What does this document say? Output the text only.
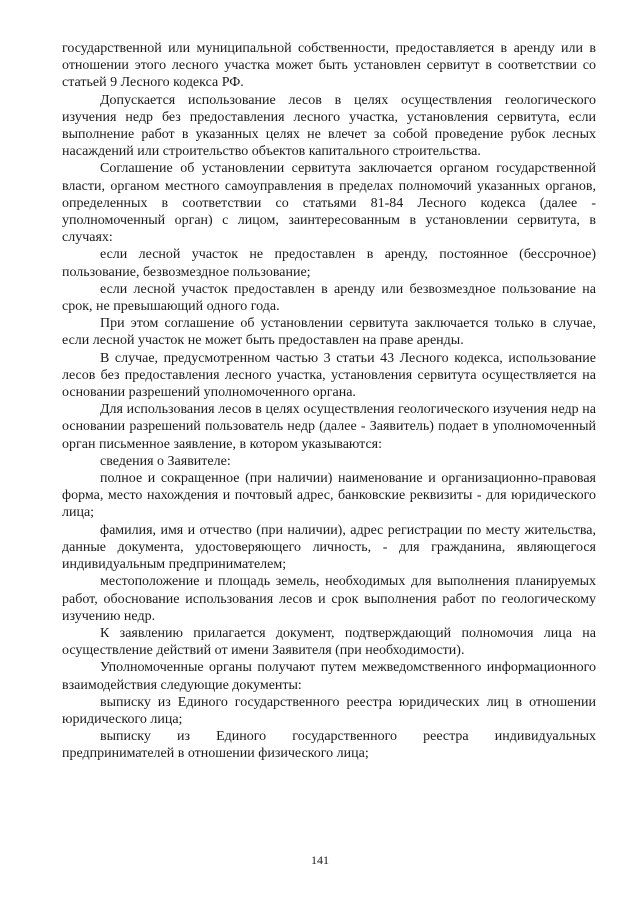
государственной или муниципальной собственности, предоставляется в аренду или в отношении этого лесного участка может быть установлен сервитут в соответствии со статьей 9 Лесного кодекса РФ.

Допускается использование лесов в целях осуществления геологического изучения недр без предоставления лесного участка, установления сервитута, если выполнение работ в указанных целях не влечет за собой проведение рубок лесных насаждений или строительство объектов капитального строительства.

Соглашение об установлении сервитута заключается органом государственной власти, органом местного самоуправления в пределах полномочий указанных органов, определенных в соответствии со статьями 81-84 Лесного кодекса (далее - уполномоченный орган) с лицом, заинтересованным в установлении сервитута, в случаях:

если лесной участок не предоставлен в аренду, постоянное (бессрочное) пользование, безвозмездное пользование;

если лесной участок предоставлен в аренду или безвозмездное пользование на срок, не превышающий одного года.

При этом соглашение об установлении сервитута заключается только в случае, если лесной участок не может быть предоставлен на праве аренды.

В случае, предусмотренном частью 3 статьи 43 Лесного кодекса, использование лесов без предоставления лесного участка, установления сервитута осуществляется на основании разрешений уполномоченного органа.

Для использования лесов в целях осуществления геологического изучения недр на основании разрешений пользователь недр (далее - Заявитель) подает в уполномоченный орган письменное заявление, в котором указываются:

сведения о Заявителе:

полное и сокращенное (при наличии) наименование и организационно-правовая форма, место нахождения и почтовый адрес, банковские реквизиты - для юридического лица;

фамилия, имя и отчество (при наличии), адрес регистрации по месту жительства, данные документа, удостоверяющего личность, - для гражданина, являющегося индивидуальным предпринимателем;

местоположение и площадь земель, необходимых для выполнения планируемых работ, обоснование использования лесов и срок выполнения работ по геологическому изучению недр.

К заявлению прилагается документ, подтверждающий полномочия лица на осуществление действий от имени Заявителя (при необходимости).

Уполномоченные органы получают путем межведомственного информационного взаимодействия следующие документы:

выписку из Единого государственного реестра юридических лиц в отношении юридического лица;

выписку из Единого государственного реестра индивидуальных предпринимателей в отношении физического лица;

141
